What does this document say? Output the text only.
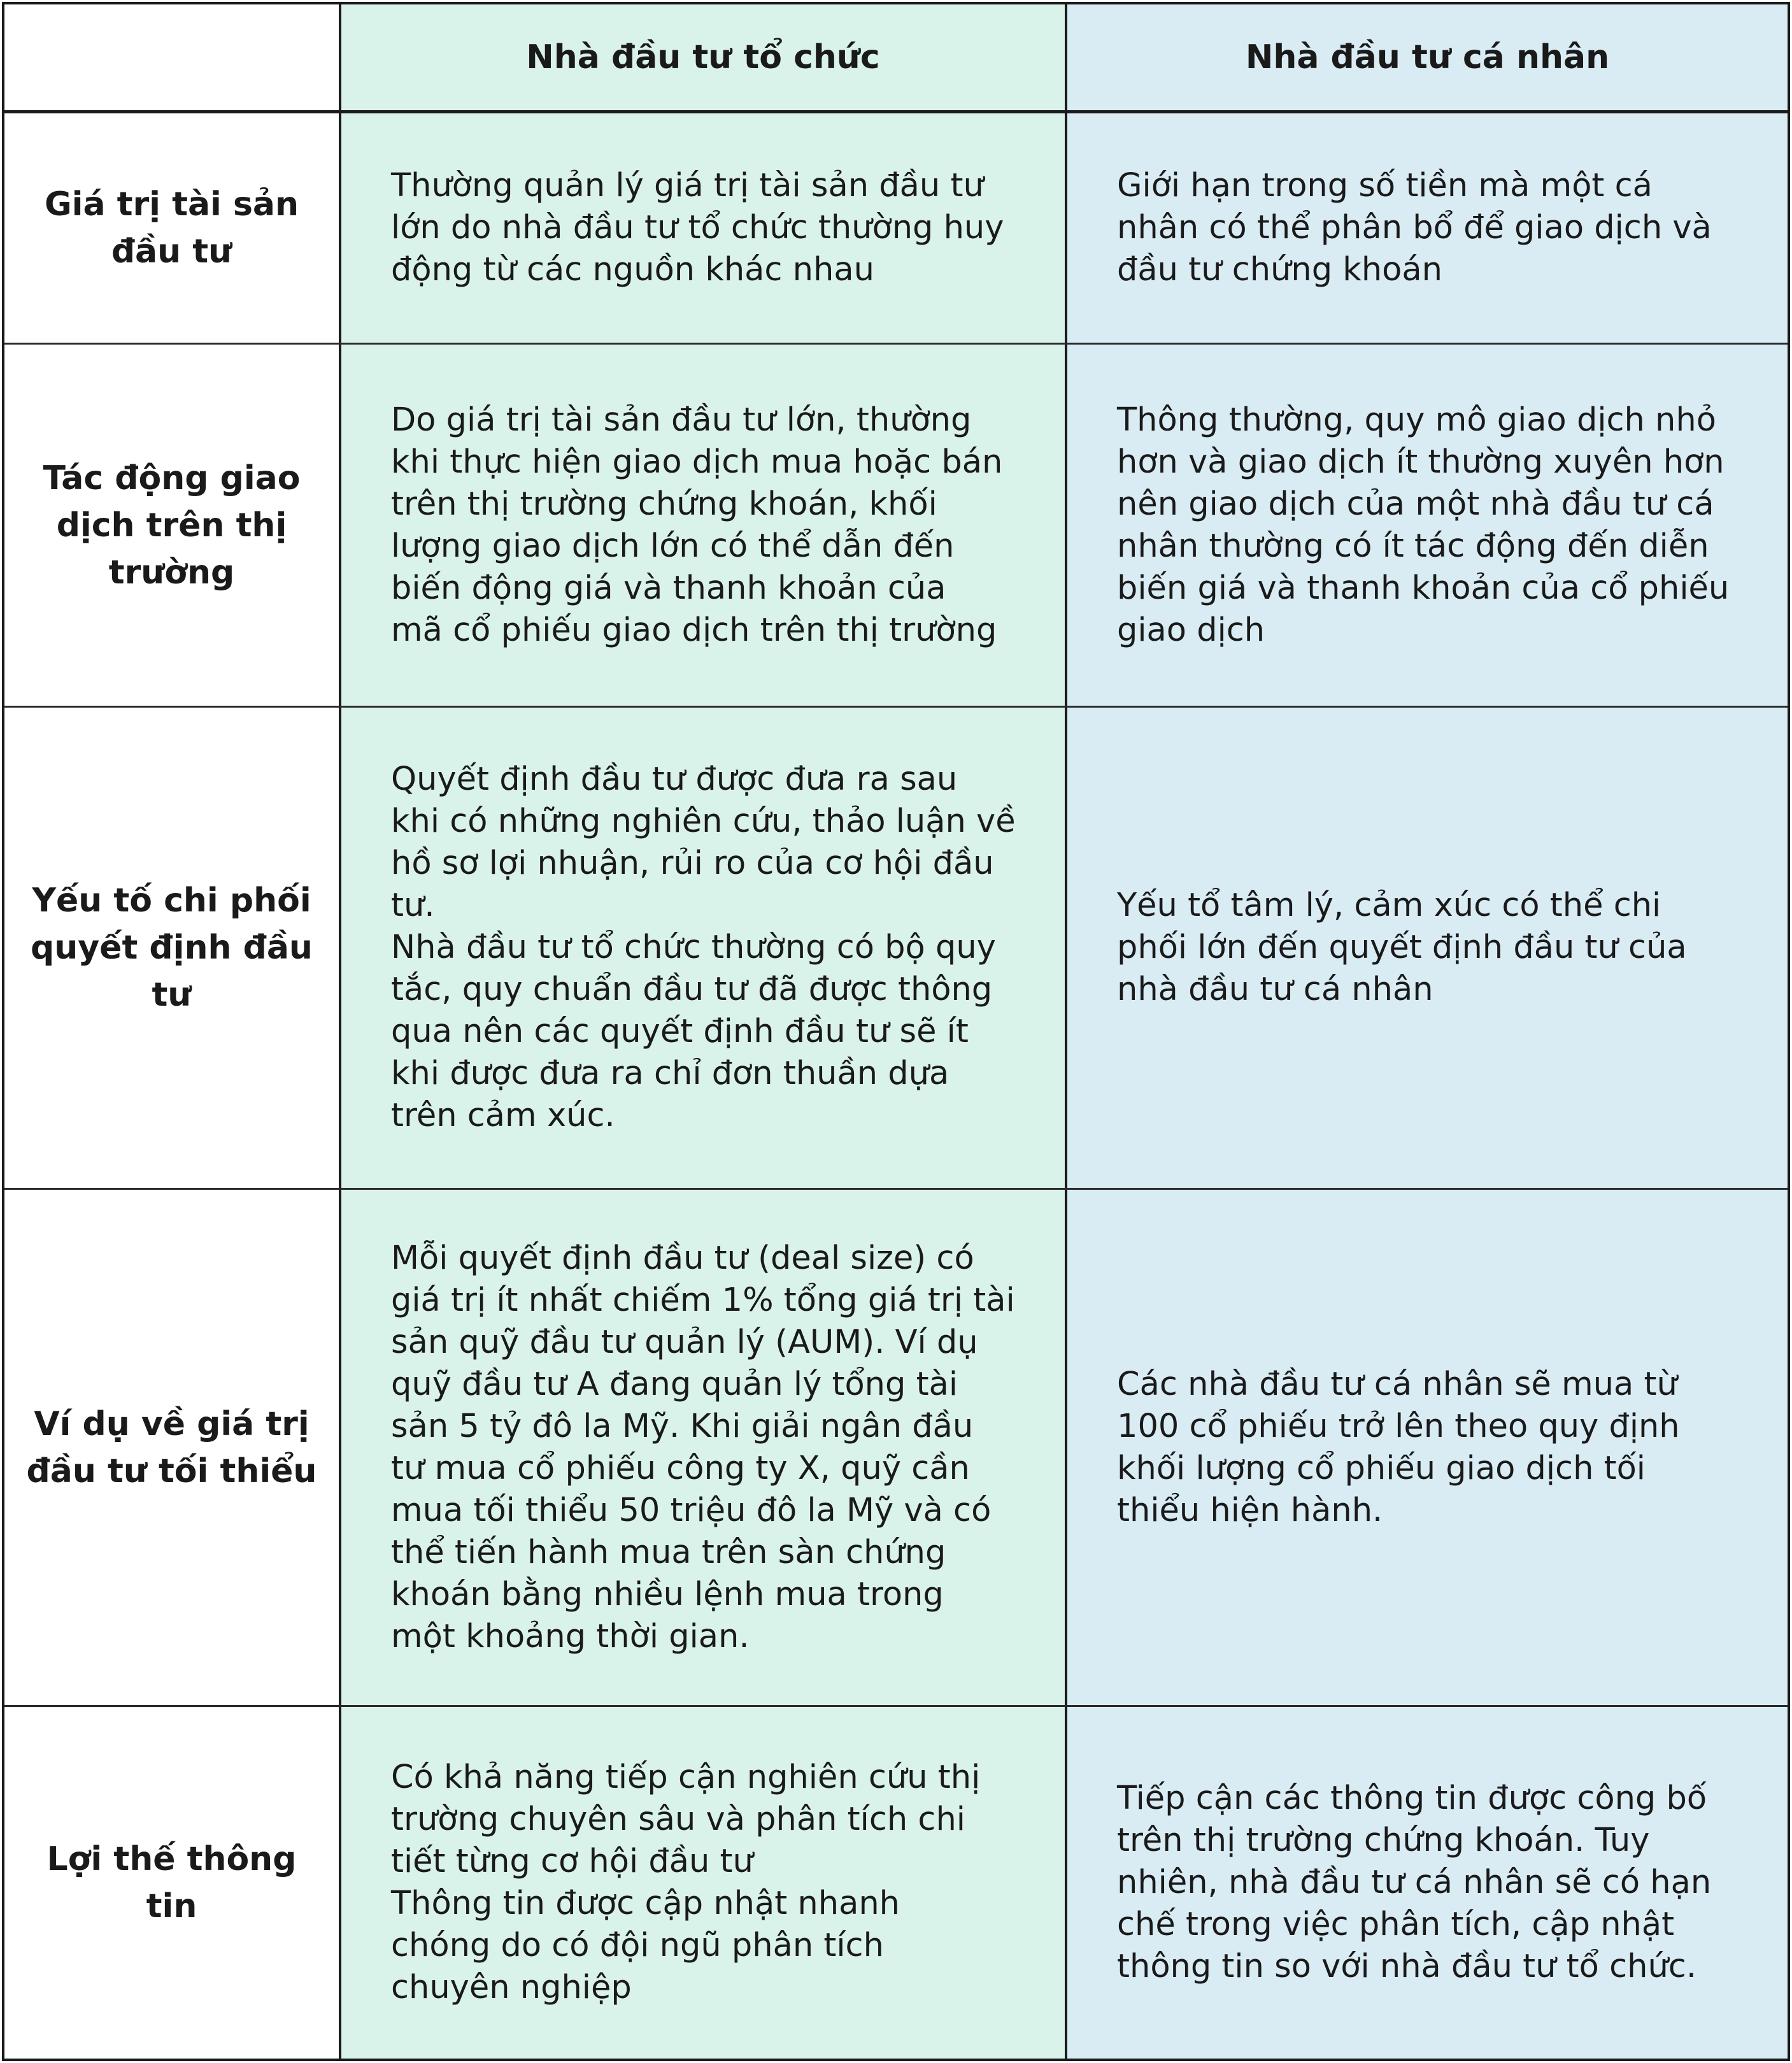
Nhà đầu tư tổ chức	Nhà đầu tư cá nhân
Giá trị tài sản
đầu tư
Thường quản lý giá trị tài sản đầu tư
lớn do nhà đầu tư tổ chức thường huy
động từ các nguồn khác nhau
Giới hạn trong số tiền mà một cá
nhân có thể phân bổ để giao dịch và
đầu tư chứng khoán
Tác động giao
dịch trên thị
trường
Do giá trị tài sản đầu tư lớn, thường
khi thực hiện giao dịch mua hoặc bán
trên thị trường chứng khoán, khối
lượng giao dịch lớn có thể dẫn đến
biến động giá và thanh khoản của
mã cổ phiếu giao dịch trên thị trường
Thông thường, quy mô giao dịch nhỏ
hơn và giao dịch ít thường xuyên hơn
nên giao dịch của một nhà đầu tư cá
nhân thường có ít tác động đến diễn
biến giá và thanh khoản của cổ phiếu
giao dịch
Yếu tố chi phối
quyết định đầu
tư
Quyết định đầu tư được đưa ra sau
khi có những nghiên cứu, thảo luận về
hồ sơ lợi nhuận, rủi ro của cơ hội đầu
tư.
Nhà đầu tư tổ chức thường có bộ quy
tắc, quy chuẩn đầu tư đã được thông
qua nên các quyết định đầu tư sẽ ít
khi được đưa ra chỉ đơn thuần dựa
trên cảm xúc.
Yếu tổ tâm lý, cảm xúc có thể chi
phối lớn đến quyết định đầu tư của
nhà đầu tư cá nhân
Ví dụ về giá trị
đầu tư tối thiểu
Mỗi quyết định đầu tư (deal size) có
giá trị ít nhất chiếm 1% tổng giá trị tài
sản quỹ đầu tư quản lý (AUM). Ví dụ
quỹ đầu tư A đang quản lý tổng tài
sản 5 tỷ đô la Mỹ. Khi giải ngân đầu
tư mua cổ phiếu công ty X, quỹ cần
mua tối thiểu 50 triệu đô la Mỹ và có
thể tiến hành mua trên sàn chứng
khoán bằng nhiều lệnh mua trong
một khoảng thời gian.
Các nhà đầu tư cá nhân sẽ mua từ
100 cổ phiếu trở lên theo quy định
khối lượng cổ phiếu giao dịch tối
thiểu hiện hành.
Lợi thế thông tin
Có khả năng tiếp cận nghiên cứu thị
trường chuyên sâu và phân tích chi
tiết từng cơ hội đầu tư
Thông tin được cập nhật nhanh
chóng do có đội ngũ phân tích
chuyên nghiệp
Tiếp cận các thông tin được công bố
trên thị trường chứng khoán. Tuy
nhiên, nhà đầu tư cá nhân sẽ có hạn
chế trong việc phân tích, cập nhật
thông tin so với nhà đầu tư tổ chức.
